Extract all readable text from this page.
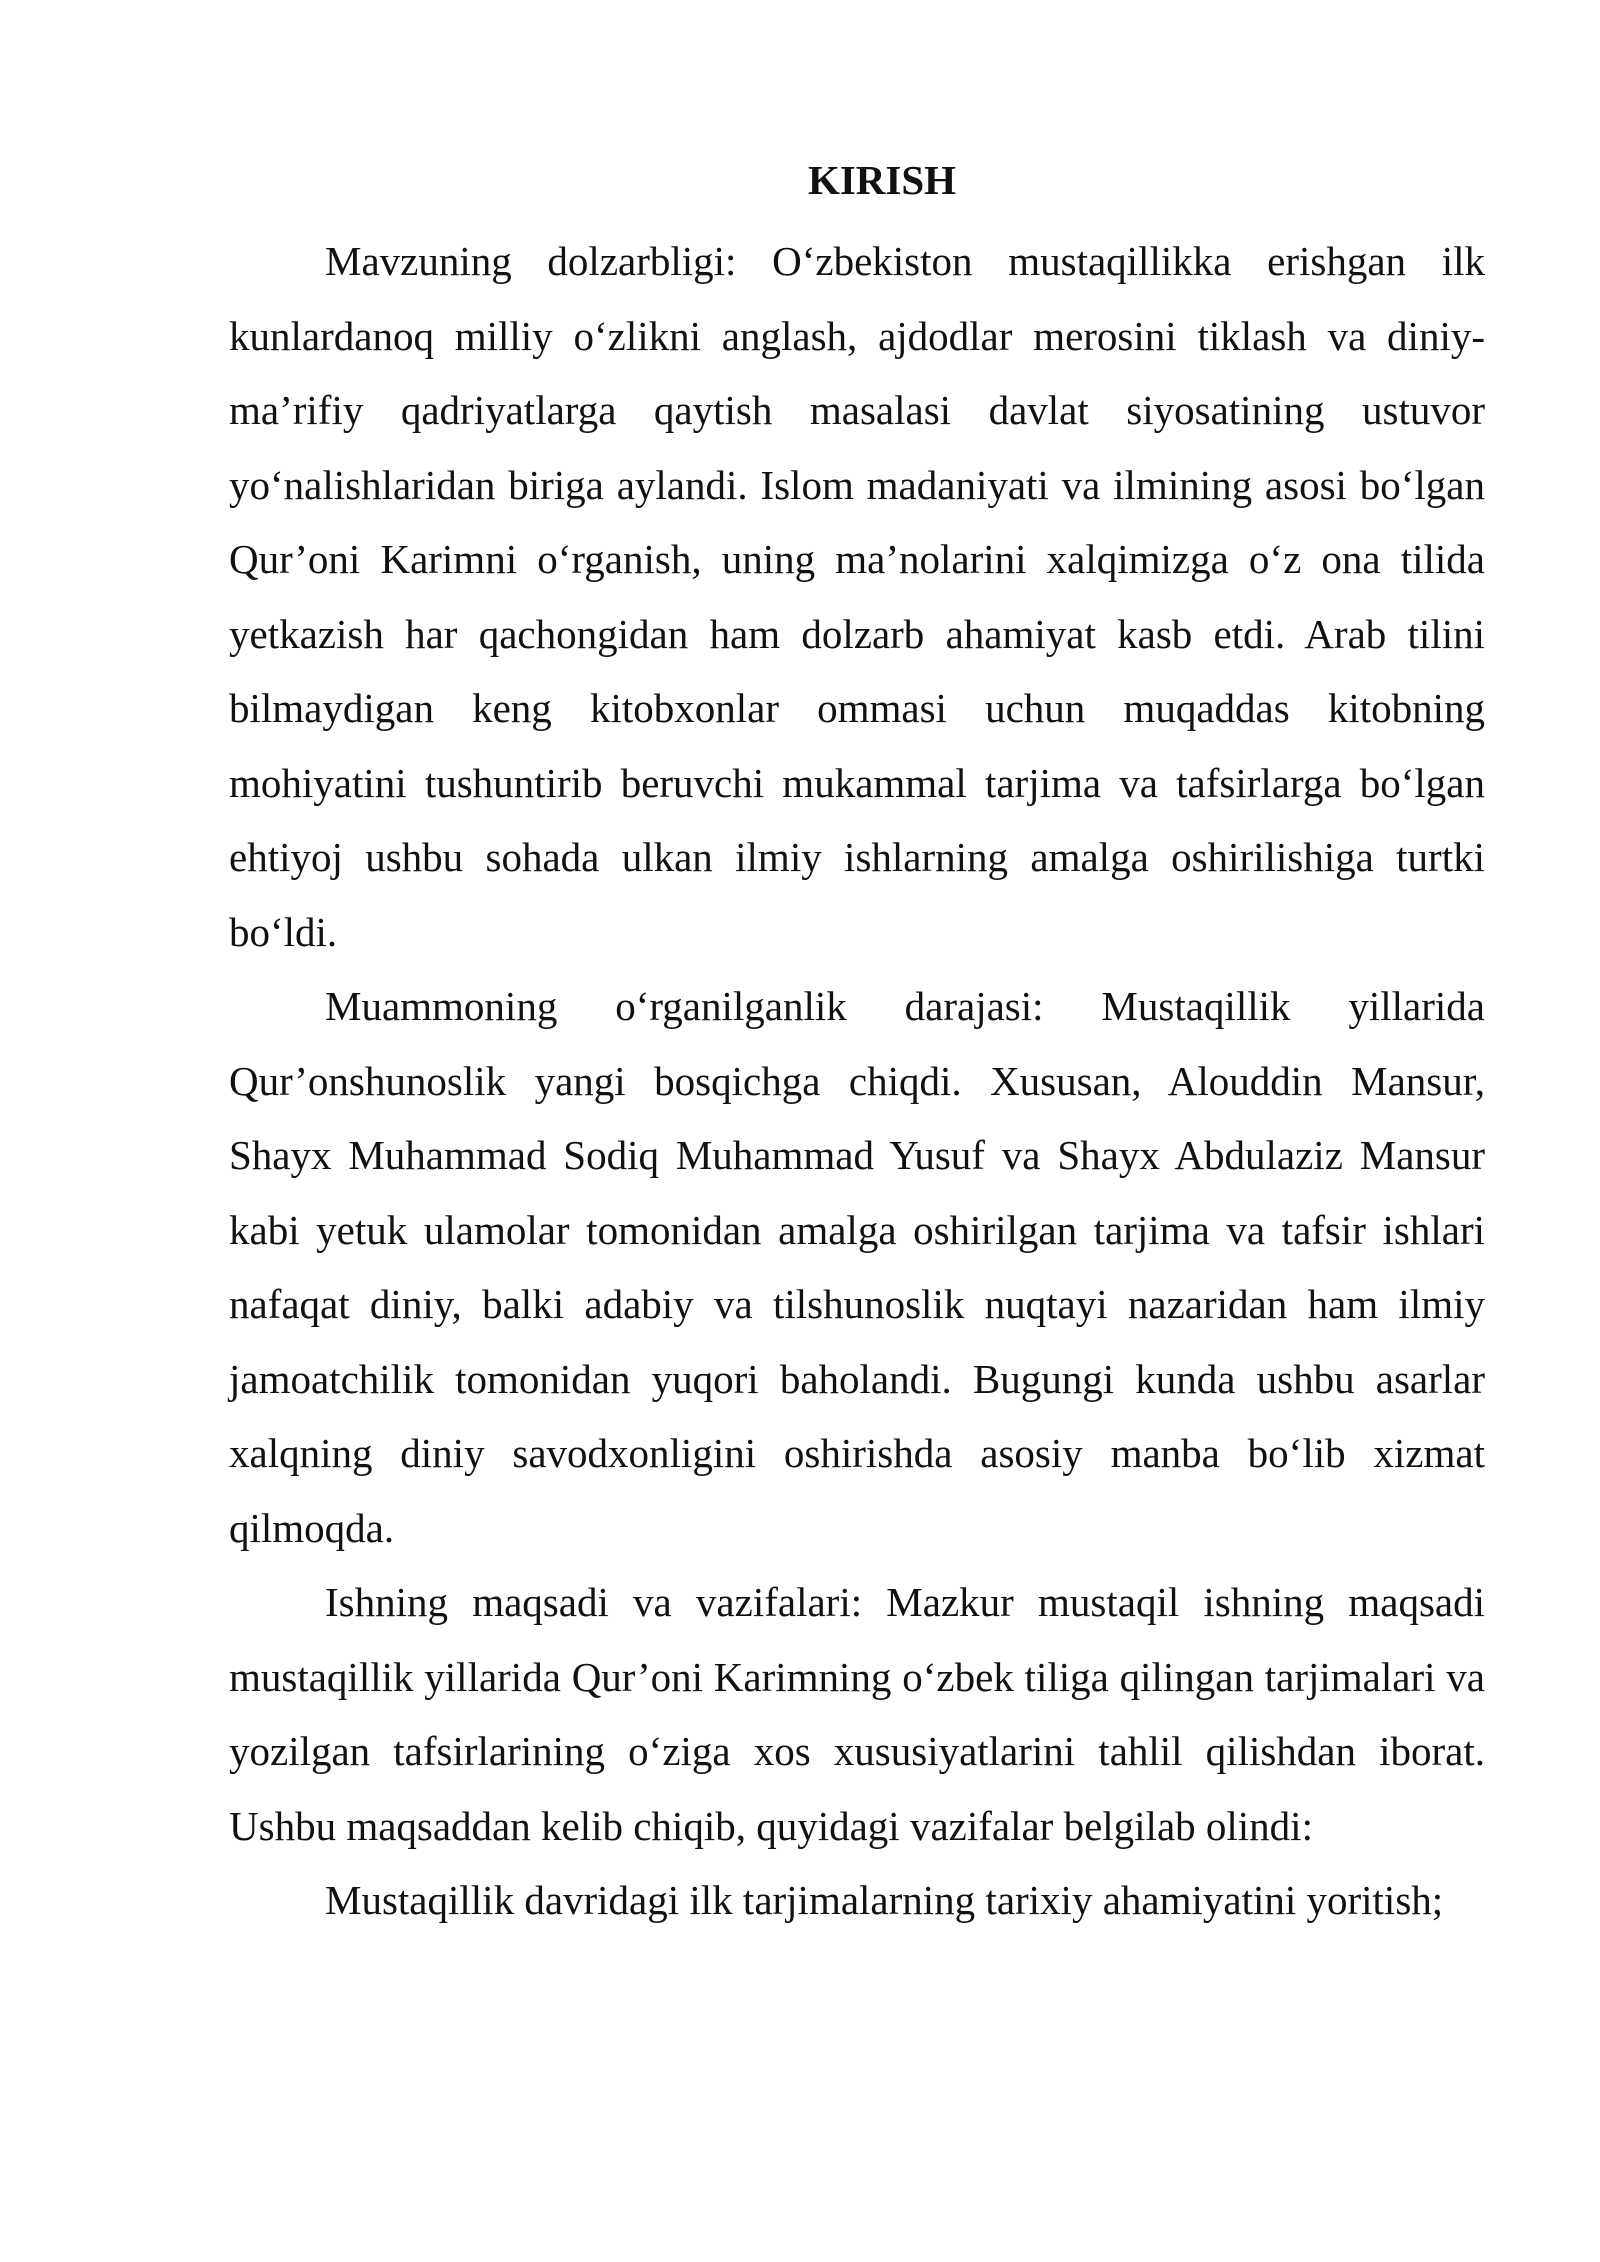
KIRISH

Mavzuning dolzarbligi: O‘zbekiston mustaqillikka erishgan ilk kunlardanoq milliy o‘zlikni anglash, ajdodlar merosini tiklash va diniy-ma’rifiy qadriyatlarga qaytish masalasi davlat siyosatining ustuvor yo‘nalishlaridan biriga aylandi. Islom madaniyati va ilmining asosi bo‘lgan Qur’oni Karimni o‘rganish, uning ma’nolarini xalqimizga o‘z ona tilida yetkazish har qachongidan ham dolzarb ahamiyat kasb etdi. Arab tilini bilmaydigan keng kitobxonlar ommasi uchun muqaddas kitobning mohiyatini tushuntirib beruvchi mukammal tarjima va tafsirlarga bo‘lgan ehtiyoj ushbu sohada ulkan ilmiy ishlarning amalga oshirilishiga turtki bo‘ldi.

Muammoning o‘rganilganlik darajasi: Mustaqillik yillarida Qur’onshunoslik yangi bosqichga chiqdi. Xususan, Alouddin Mansur, Shayx Muhammad Sodiq Muhammad Yusuf va Shayx Abdulaziz Mansur kabi yetuk ulamolar tomonidan amalga oshirilgan tarjima va tafsir ishlari nafaqat diniy, balki adabiy va tilshunoslik nuqtayi nazaridan ham ilmiy jamoatchilik tomonidan yuqori baholandi. Bugungi kunda ushbu asarlar xalqning diniy savodxonligini oshirishda asosiy manba bo‘lib xizmat qilmoqda.

Ishning maqsadi va vazifalari: Mazkur mustaqil ishning maqsadi mustaqillik yillarida Qur’oni Karimning o‘zbek tiliga qilingan tarjimalari va yozilgan tafsirlarining o‘ziga xos xususiyatlarini tahlil qilishdan iborat. Ushbu maqsaddan kelib chiqib, quyidagi vazifalar belgilab olindi:

Mustaqillik davridagi ilk tarjimalarning tarixiy ahamiyatini yoritish;
